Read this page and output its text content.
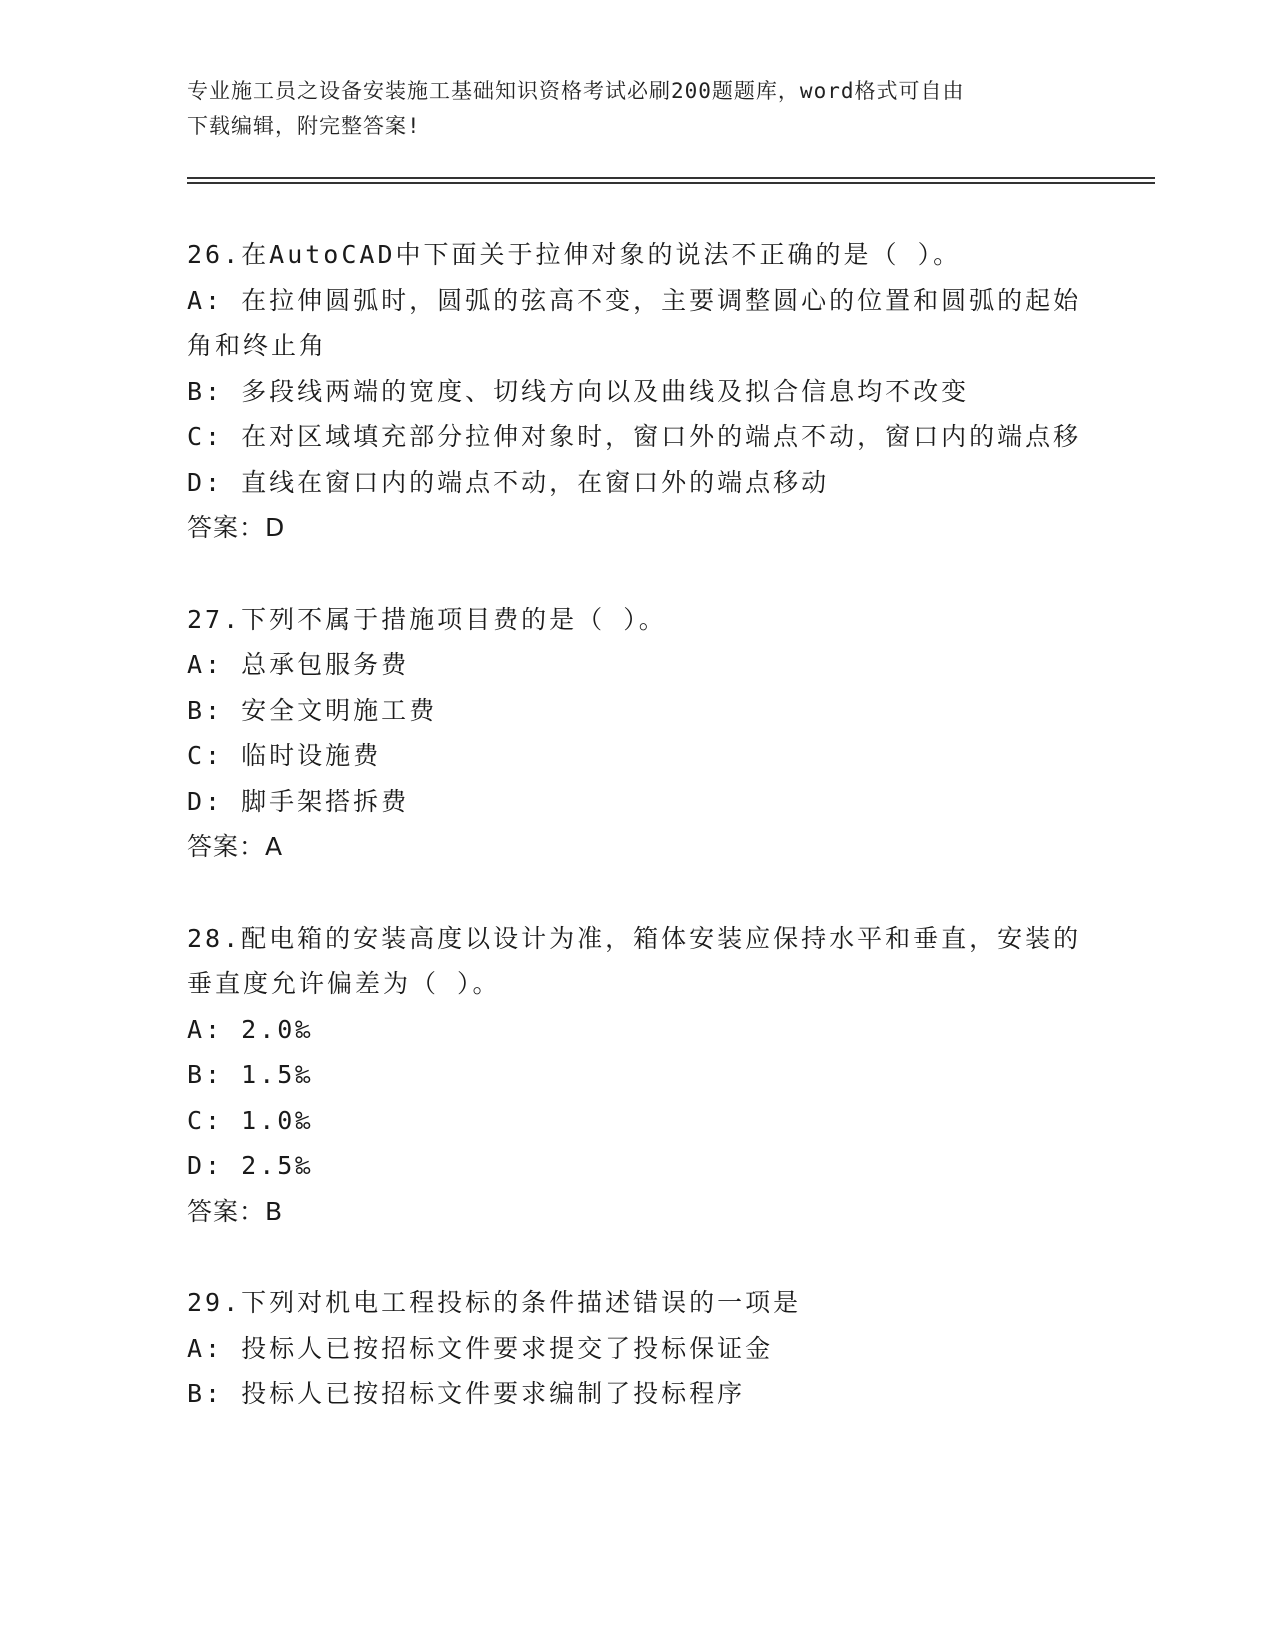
专业施工员之设备安装施工基础知识资格考试必刷200题题库，word格式可自由
下载编辑，附完整答案!

26.在AutoCAD中下面关于拉伸对象的说法不正确的是（ ）。

A: 在拉伸圆弧时，圆弧的弦高不变，主要调整圆心的位置和圆弧的起始角和终止角

B: 多段线两端的宽度、切线方向以及曲线及拟合信息均不改变

C: 在对区域填充部分拉伸对象时，窗口外的端点不动，窗口内的端点移

D: 直线在窗口内的端点不动，在窗口外的端点移动

答案：D

27.下列不属于措施项目费的是（ ）。

A: 总承包服务费

B: 安全文明施工费

C: 临时设施费

D: 脚手架搭拆费

答案：A

28.配电箱的安装高度以设计为准，箱体安装应保持水平和垂直，安装的垂直度允许偏差为（ ）。

A: 2.0‰

B: 1.5‰

C: 1.0‰

D: 2.5‰

答案：B

29.下列对机电工程投标的条件描述错误的一项是

A: 投标人已按招标文件要求提交了投标保证金

B: 投标人已按招标文件要求编制了投标程序
